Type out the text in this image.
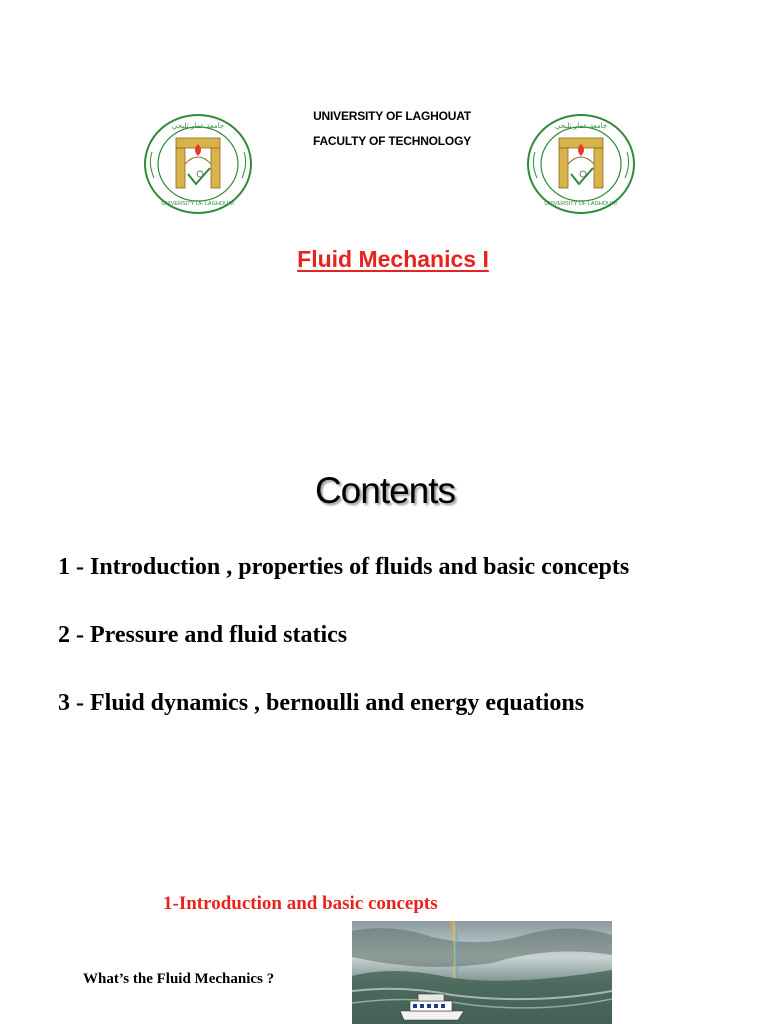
UNIVERSITY OF LAGHOUAT
FACULTY OF TECHNOLOGY
UNIVERSITY OF LAGHOUAT
ﺟﺎﻣﻌﺔ ﻋﻤﺎﺭ ﺛﻠﻴﺠﻲ
UNIVERSITY OF LAGHOUAT
ﺟﺎﻣﻌﺔ ﻋﻤﺎﺭ ﺛﻠﻴﺠﻲ
Fluid Mechanics I
Contents
1 - Introduction , properties of fluids and basic concepts
2 - Pressure and fluid statics
3 - Fluid dynamics , bernoulli and energy equations
1-Introduction and basic concepts
What’s the Fluid Mechanics ?
